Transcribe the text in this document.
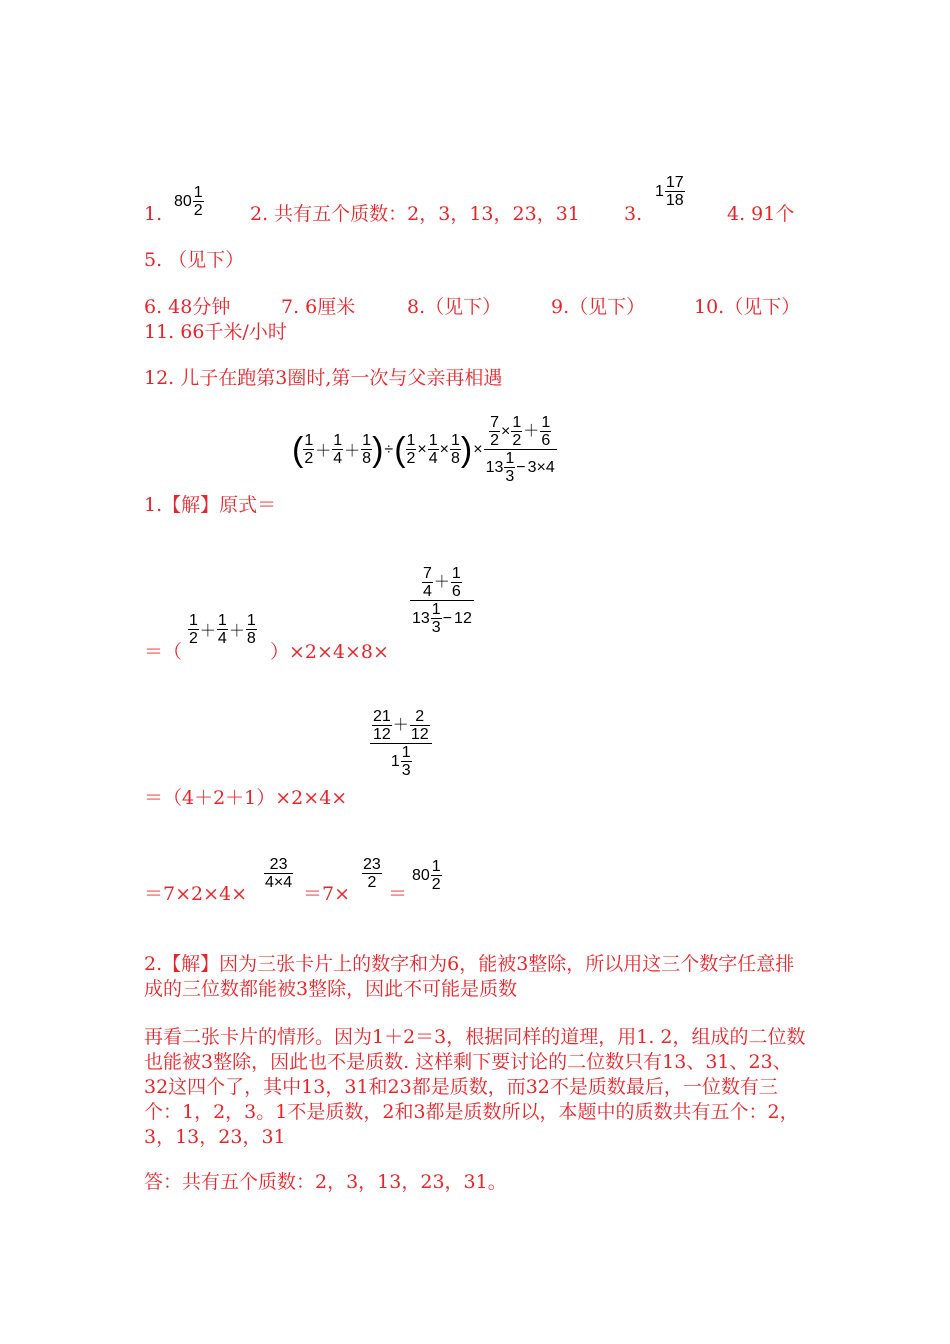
1.
$80 \frac{1}{2} 2$. 共有五个质数：2，3，13，23，31 3.
$1 \frac{17}{18}$
4. 91个
5. （见下）
6. 48分钟	7. 6厘米	8.（见下）	9.（见下）	10.（见下）
11. 66千米/小时
12. 儿子在跑第3圈时,第一次与父亲再相遇
( $\frac{1}{2} + \frac{1}{4} + \frac{1}{8}$ )÷( $\frac{1}{2} \times \frac{1}{4} \times \frac{1}{8}$ )× $\frac{\frac{7}{2} \times \frac{1}{2} + \frac{1}{6}}{13 \frac{1}{3} - 3\times 4}$
1.【解】原式＝
＝（
$\frac{1}{2} + \frac{1}{4} + \frac{1}{8}$
）×2×4×8×
$\frac{\frac{7}{4} + \frac{1}{6}}{13 \frac{1}{3} - 12}$
＝（4＋2＋1）×2×4×
$\frac{\frac{21}{12} + \frac{2}{12}}{1 \frac{1}{3}}$
＝7×2×4×
$\frac{23}{4\times 4}$
＝7×
$\frac{23}{2}$
＝
$80 \frac{1}{2}$
2.【解】因为三张卡片上的数字和为6，能被3整除，所以用这三个数字任意排成的三位数都能被3整除，因此不可能是质数
再看二张卡片的情形。因为1＋2＝3，根据同样的道理，用1. 2，组成的二位数也能被3整除，因此也不是质数. 这样剩下要讨论的二位数只有13、31、23、32这四个了，其中13，31和23都是质数，而32不是质数最后，一位数有三个：1，2，3。1不是质数，2和3都是质数所以，本题中的质数共有五个：2，3，13，23，31
答：共有五个质数：2，3，13，23，31。
